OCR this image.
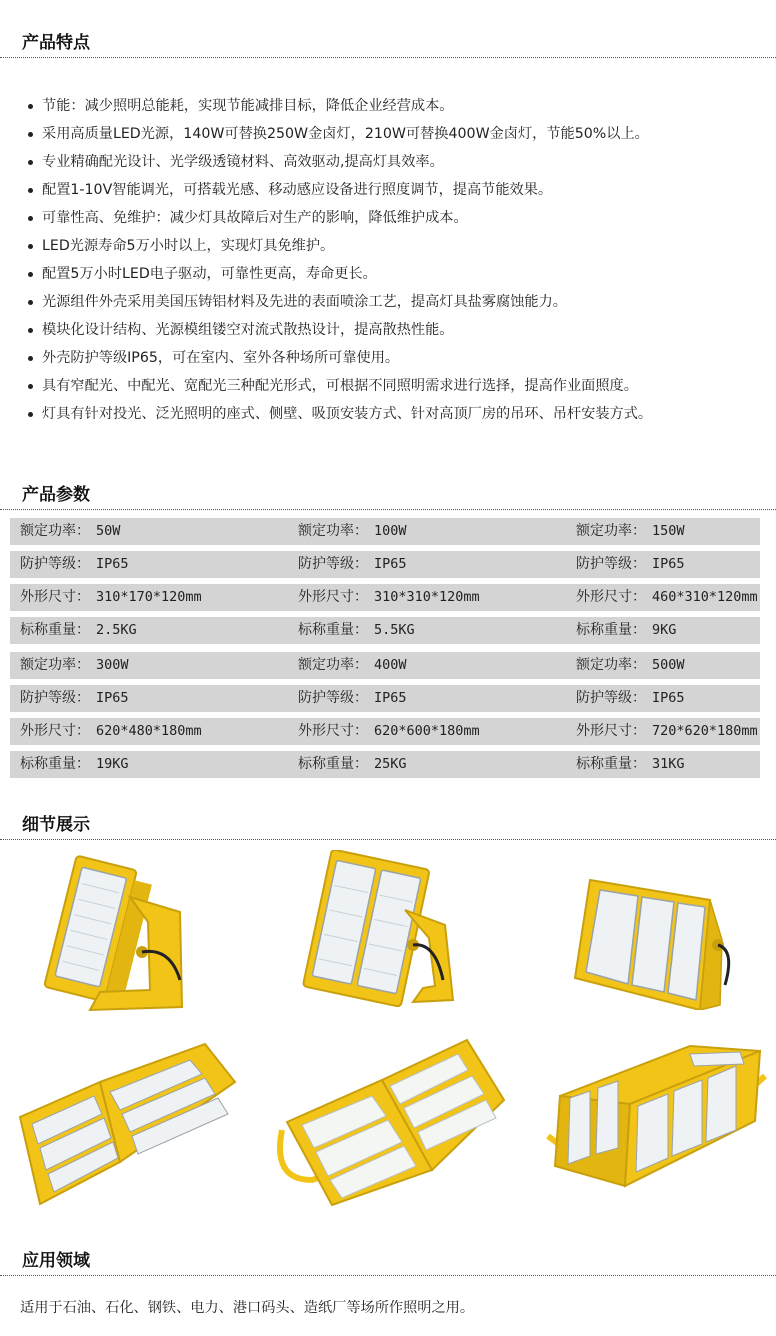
产品特点
节能：减少照明总能耗，实现节能减排目标，降低企业经营成本。
采用高质量LED光源，140W可替换250W金卤灯，210W可替换400W金卤灯，节能50%以上。
专业精确配光设计、光学级透镜材料、高效驱动,提高灯具效率。
配置1-10V智能调光，可搭载光感、移动感应设备进行照度调节，提高节能效果。
可靠性高、免维护：减少灯具故障后对生产的影响，降低维护成本。
LED光源寿命5万小时以上，实现灯具免维护。
配置5万小时LED电子驱动，可靠性更高，寿命更长。
光源组件外壳采用美国压铸铝材料及先进的表面喷涂工艺，提高灯具盐雾腐蚀能力。
模块化设计结构、光源模组镂空对流式散热设计，提高散热性能。
外壳防护等级IP65，可在室内、室外各种场所可靠使用。
具有窄配光、中配光、宽配光三种配光形式，可根据不同照明需求进行选择，提高作业面照度。
灯具有针对投光、泛光照明的座式、侧壁、吸顶安装方式、针对高顶厂房的吊环、吊杆安装方式。
产品参数
额定功率： 50W	额定功率： 100W	额定功率： 150W
防护等级： IP65	防护等级： IP65	防护等级： IP65
外形尺寸： 310*170*120mm	外形尺寸： 310*310*120mm	外形尺寸： 460*310*120mm
标称重量： 2.5KG	标称重量： 5.5KG	标称重量： 9KG
额定功率： 300W	额定功率： 400W	额定功率： 500W
防护等级： IP65	防护等级： IP65	防护等级： IP65
外形尺寸： 620*480*180mm	外形尺寸： 620*600*180mm	外形尺寸： 720*620*180mm
标称重量： 19KG	标称重量： 25KG	标称重量： 31KG
细节展示
应用领域
适用于石油、石化、钢铁、电力、港口码头、造纸厂等场所作照明之用。
